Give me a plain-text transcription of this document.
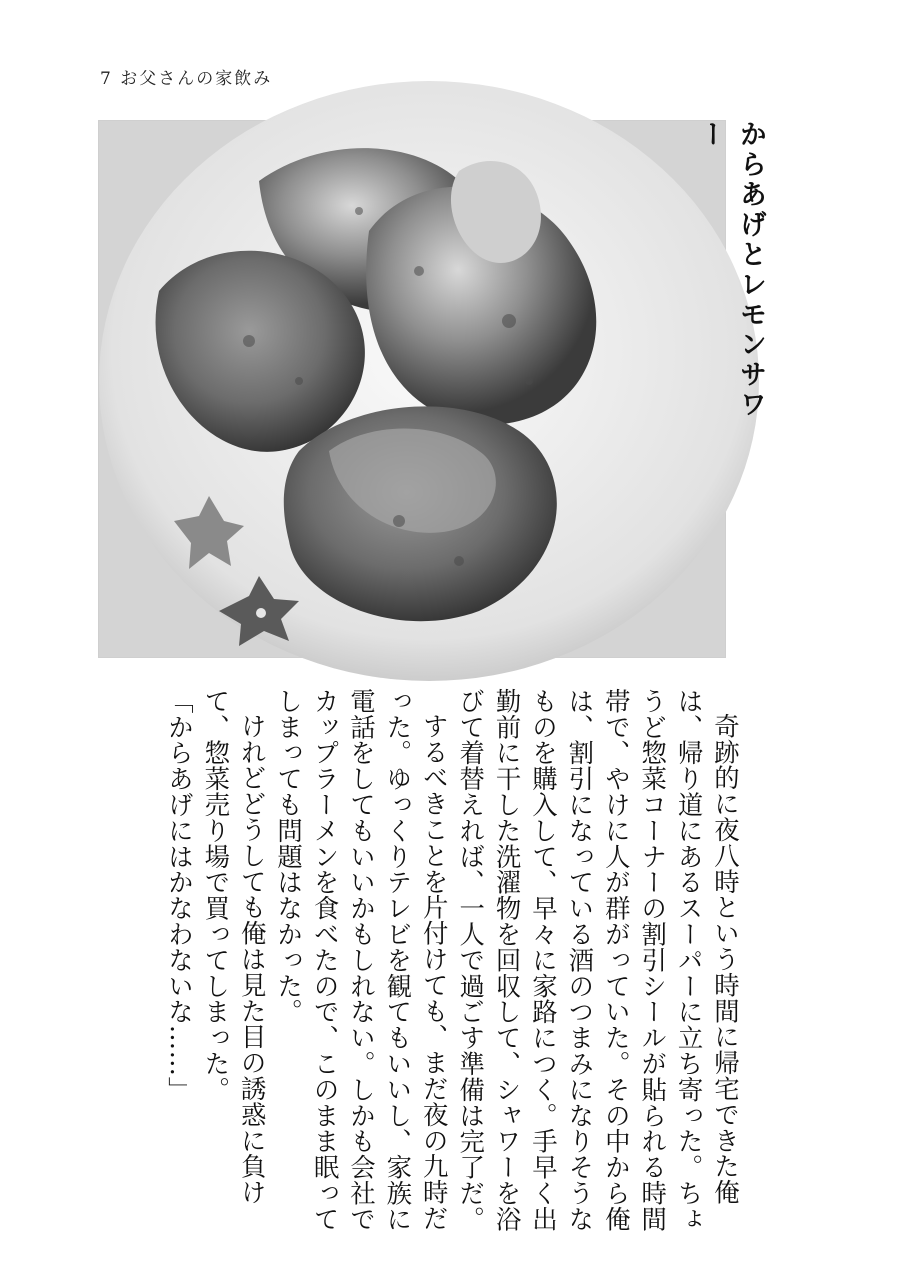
7 お父さんの家飲み
からあげとレモンサワー

奇跡的に夜八時という時間に帰宅できた俺は、帰り道にあるスーパーに立ち寄った。ちょうど惣菜コーナーの割引シールが貼られる時間帯で、やけに人が群がっていた。その中から俺は、割引になっている酒のつまみになりそうなものを購入して、早々に家路につく。手早く出勤前に干した洗濯物を回収して、シャワーを浴びて着替えれば、一人で過ごす準備は完了だ。

するべきことを片付けても、まだ夜の九時だった。ゆっくりテレビを観てもいいし、家族に電話をしてもいいかもしれない。しかも会社でカップラーメンを食べたので、このまま眠ってしまっても問題はなかった。

けれどどうしても俺は見た目の誘惑に負けて、惣菜売り場で買ってしまった。

「からあげにはかなわないな……」
